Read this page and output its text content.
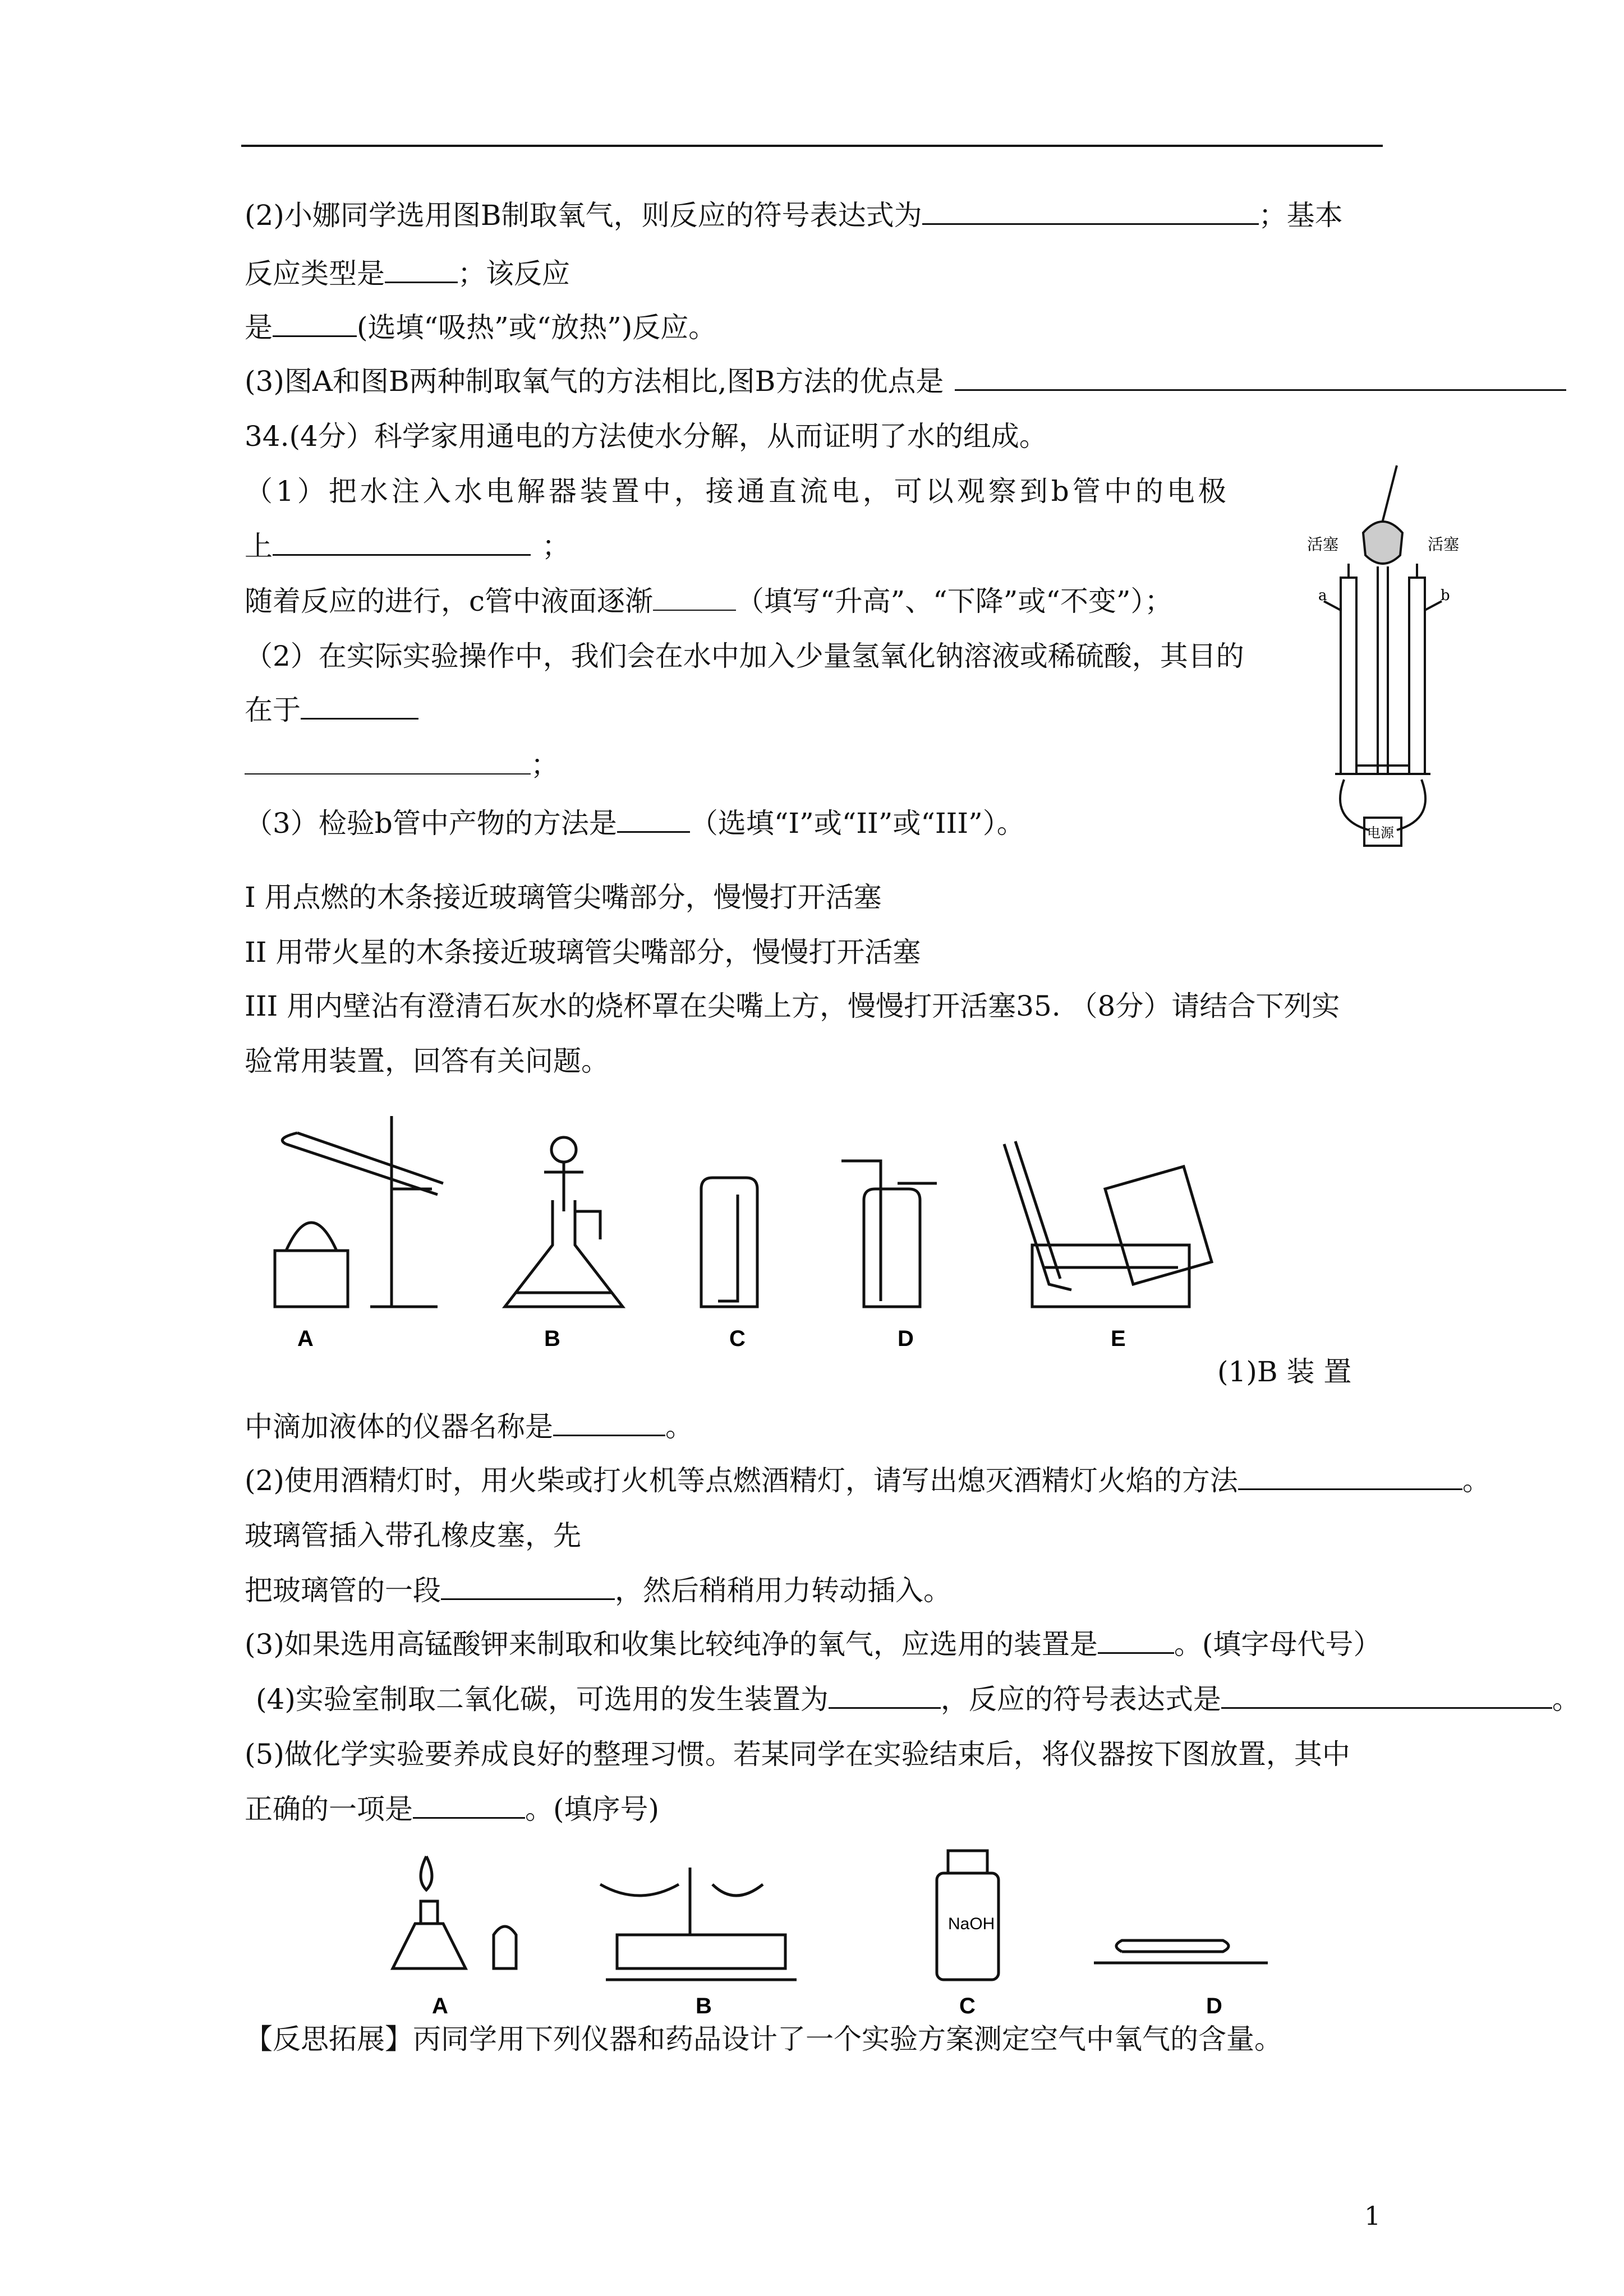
(2)小娜同学选用图B制取氧气，则反应的符号表达式为	；基本
反应类型是	；该反应
是	(选填“吸热”或“放热”)反应。
(3)图A和图B两种制取氧气的方法相比,图B方法的优点是
34.(4分）科学家用通电的方法使水分解，从而证明了水的组成。
（1）把水注入水电解器装置中，接通直流电，可以观察到b管中的电极
上	；
随着反应的进行，c管中液面逐渐	（填写“升高”、“下降”或“不变”）；
（2）在实际实验操作中，我们会在水中加入少量氢氧化钠溶液或稀硫酸，其目的
在于
；
（3）检验b管中产物的方法是	（选填“I”或“II”或“III”）。
I 用点燃的木条接近玻璃管尖嘴部分，慢慢打开活塞
II 用带火星的木条接近玻璃管尖嘴部分，慢慢打开活塞
III 用内壁沾有澄清石灰水的烧杯罩在尖嘴上方，慢慢打开活塞35. （8分）请结合下列实
验常用装置，回答有关问题。
(1)B 装 置
中滴加液体的仪器名称是	。
(2)使用酒精灯时，用火柴或打火机等点燃酒精灯，请写出熄灭酒精灯火焰的方法	。
玻璃管插入带孔橡皮塞，先
把玻璃管的一段	，然后稍稍用力转动插入。
(3)如果选用高锰酸钾来制取和收集比较纯净的氧气，应选用的装置是	。(填字母代号）
(4)实验室制取二氧化碳，可选用的发生装置为	，反应的符号表达式是	。
(5)做化学实验要养成良好的整理习惯。若某同学在实验结束后，将仪器按下图放置，其中
正确的一项是	。(填序号)
【反思拓展】丙同学用下列仪器和药品设计了一个实验方案测定空气中氧气的含量。
活塞	活塞
a	b
电源
A	B	C	D	E
NaOH
A	B	C	D
1
